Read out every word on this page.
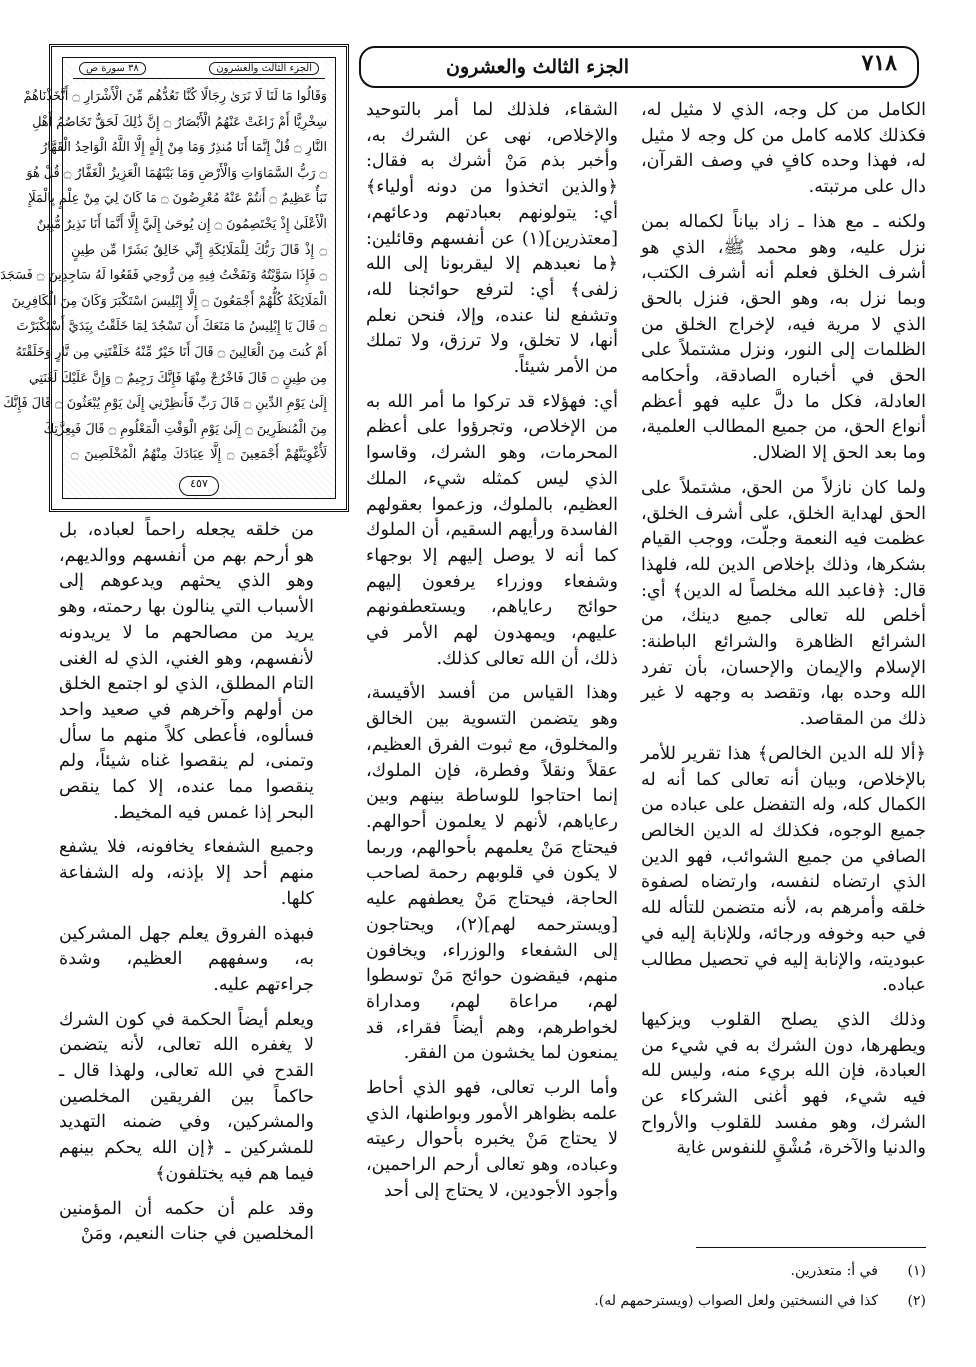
٧١٨
الجزء الثالث والعشرون
الجزء الثالث والعشرون
٣٨ سورة ص
وَقَالُوا مَا لَنَا لَا نَرَىٰ رِجَالًا كُنَّا نَعُدُّهُم مِّنَ الْأَشْرَارِ ۝ أَتَّخَذْنَاهُمْ
سِخْرِيًّا أَمْ زَاغَتْ عَنْهُمُ الْأَبْصَارُ ۝ إِنَّ ذَٰلِكَ لَحَقٌّ تَخَاصُمُ أَهْلِ
النَّارِ ۝ قُلْ إِنَّمَا أَنَا مُنذِرٌ وَمَا مِنْ إِلَٰهٍ إِلَّا اللَّهُ الْوَاحِدُ الْقَهَّارُ
۝ رَبُّ السَّمَاوَاتِ وَالْأَرْضِ وَمَا بَيْنَهُمَا الْعَزِيزُ الْغَفَّارُ ۝ قُلْ هُوَ
نَبَأٌ عَظِيمٌ ۝ أَنتُمْ عَنْهُ مُعْرِضُونَ ۝ مَا كَانَ لِيَ مِنْ عِلْمٍ بِالْمَلَإِ
الْأَعْلَىٰ إِذْ يَخْتَصِمُونَ ۝ إِن يُوحَىٰ إِلَيَّ إِلَّا أَنَّمَا أَنَا نَذِيرٌ مُّبِينٌ
۝ إِذْ قَالَ رَبُّكَ لِلْمَلَائِكَةِ إِنِّي خَالِقٌ بَشَرًا مِّن طِينٍ
۝ فَإِذَا سَوَّيْتُهُ وَنَفَخْتُ فِيهِ مِن رُّوحِي فَقَعُوا لَهُ سَاجِدِينَ ۝ فَسَجَدَ
الْمَلَائِكَةُ كُلُّهُمْ أَجْمَعُونَ ۝ إِلَّا إِبْلِيسَ اسْتَكْبَرَ وَكَانَ مِنَ الْكَافِرِينَ
۝ قَالَ يَا إِبْلِيسُ مَا مَنَعَكَ أَن تَسْجُدَ لِمَا خَلَقْتُ بِيَدَيَّ أَسْتَكْبَرْتَ
أَمْ كُنتَ مِنَ الْعَالِينَ ۝ قَالَ أَنَا خَيْرٌ مِّنْهُ خَلَقْتَنِي مِن نَّارٍ وَخَلَقْتَهُ
مِن طِينٍ ۝ قَالَ فَاخْرُجْ مِنْهَا فَإِنَّكَ رَجِيمٌ ۝ وَإِنَّ عَلَيْكَ لَعْنَتِي
إِلَىٰ يَوْمِ الدِّينِ ۝ قَالَ رَبِّ فَأَنظِرْنِي إِلَىٰ يَوْمِ يُبْعَثُونَ ۝ قَالَ فَإِنَّكَ
مِنَ الْمُنظَرِينَ ۝ إِلَىٰ يَوْمِ الْوَقْتِ الْمَعْلُومِ ۝ قَالَ فَبِعِزَّتِكَ
لَأُغْوِيَنَّهُمْ أَجْمَعِينَ ۝ إِلَّا عِبَادَكَ مِنْهُمُ الْمُخْلَصِينَ ۝
٤٥٧

الكامل من كل وجه، الذي لا مثيل له، فكذلك كلامه كامل من كل وجه لا مثيل له، فهذا وحده كافٍ في وصف القرآن، دال على مرتبته.

ولكنه ـ مع هذا ـ زاد بياناً لكماله بمن نزل عليه، وهو محمد ﷺ، الذي هو أشرف الخلق فعلم أنه أشرف الكتب، وبما نزل به، وهو الحق، فنزل بالحق الذي لا مرية فيه، لإخراج الخلق من الظلمات إلى النور، ونزل مشتملاً على الحق في أخباره الصادقة، وأحكامه العادلة، فكل ما دلَّ عليه فهو أعظم أنواع الحق، من جميع المطالب العلمية، وما بعد الحق إلا الضلال.

ولما كان نازلاً من الحق، مشتملاً على الحق لهداية الخلق، على أشرف الخلق، عظمت فيه النعمة وجلّت، ووجب القيام بشكرها، وذلك بإخلاص الدين لله، فلهذا قال: ﴿فاعبد الله مخلصاً له الدين﴾ أي: أخلص لله تعالى جميع دينك، من الشرائع الظاهرة والشرائع الباطنة: الإسلام والإيمان والإحسان، بأن تفرد الله وحده بها، وتقصد به وجهه لا غير ذلك من المقاصد.

﴿ألا لله الدين الخالص﴾ هذا تقرير للأمر بالإخلاص، وبيان أنه تعالى كما أنه له الكمال كله، وله التفضل على عباده من جميع الوجوه، فكذلك له الدين الخالص الصافي من جميع الشوائب، فهو الدين الذي ارتضاه لنفسه، وارتضاه لصفوة خلقه وأمرهم به، لأنه متضمن للتأله لله في حبه وخوفه ورجائه، وللإنابة إليه في عبوديته، والإنابة إليه في تحصيل مطالب عباده.

وذلك الذي يصلح القلوب ويزكيها ويطهرها، دون الشرك به في شيء من العبادة، فإن الله بريء منه، وليس لله فيه شيء، فهو أغنى الشركاء عن الشرك، وهو مفسد للقلوب والأرواح والدنيا والآخرة، مُشْقٍ للنفوس غاية

الشقاء، فلذلك لما أمر بالتوحيد والإخلاص، نهى عن الشرك به، وأخبر بذم مَنْ أشرك به فقال: ﴿والذين اتخذوا من دونه أولياء﴾ أي: يتولونهم بعبادتهم ودعائهم، [معتذرين](١) عن أنفسهم وقائلين: ﴿ما نعبدهم إلا ليقربونا إلى الله زلفى﴾ أي: لترفع حوائجنا لله، وتشفع لنا عنده، وإلا، فنحن نعلم أنها، لا تخلق، ولا ترزق، ولا تملك من الأمر شيئاً.

أي: فهؤلاء قد تركوا ما أمر الله به من الإخلاص، وتجرؤوا على أعظم المحرمات، وهو الشرك، وقاسوا الذي ليس كمثله شيء، الملك العظيم، بالملوك، وزعموا بعقولهم الفاسدة ورأيهم السقيم، أن الملوك كما أنه لا يوصل إليهم إلا بوجهاء وشفعاء ووزراء يرفعون إليهم حوائج رعاياهم، ويستعطفونهم عليهم، ويمهدون لهم الأمر في ذلك، أن الله تعالى كذلك.

وهذا القياس من أفسد الأقيسة، وهو يتضمن التسوية بين الخالق والمخلوق، مع ثبوت الفرق العظيم، عقلاً ونقلاً وفطرة، فإن الملوك، إنما احتاجوا للوساطة بينهم وبين رعاياهم، لأنهم لا يعلمون أحوالهم. فيحتاج مَنْ يعلمهم بأحوالهم، وربما لا يكون في قلوبهم رحمة لصاحب الحاجة، فيحتاج مَنْ يعطفهم عليه [ويسترحمه لهم](٢)، ويحتاجون إلى الشفعاء والوزراء، ويخافون منهم، فيقضون حوائج مَنْ توسطوا لهم، مراعاة لهم، ومداراة لخواطرهم، وهم أيضاً فقراء، قد يمنعون لما يخشون من الفقر.

وأما الرب تعالى، فهو الذي أحاط علمه بظواهر الأمور وبواطنها، الذي لا يحتاج مَنْ يخبره بأحوال رعيته وعباده، وهو تعالى أرحم الراحمين، وأجود الأجودين، لا يحتاج إلى أحد

من خلقه يجعله راحماً لعباده، بل هو أرحم بهم من أنفسهم ووالديهم، وهو الذي يحثهم ويدعوهم إلى الأسباب التي ينالون بها رحمته، وهو يريد من مصالحهم ما لا يريدونه لأنفسهم، وهو الغني، الذي له الغنى التام المطلق، الذي لو اجتمع الخلق من أولهم وآخرهم في صعيد واحد فسألوه، فأعطى كلاً منهم ما سأل وتمنى، لم ينقصوا غناه شيئاً، ولم ينقصوا مما عنده، إلا كما ينقص البحر إذا غمس فيه المخيط.

وجميع الشفعاء يخافونه، فلا يشفع منهم أحد إلا بإذنه، وله الشفاعة كلها.

فبهذه الفروق يعلم جهل المشركين به، وسفههم العظيم، وشدة جراءتهم عليه.

ويعلم أيضاً الحكمة في كون الشرك لا يغفره الله تعالى، لأنه يتضمن القدح في الله تعالى، ولهذا قال ـ حاكماً بين الفريقين المخلصين والمشركين، وفي ضمنه التهديد للمشركين ـ ﴿إن الله يحكم بينهم فيما هم فيه يختلفون﴾

وقد علم أن حكمه أن المؤمنين المخلصين في جنات النعيم، ومَنْ

(١)
في أ: متعذرين.
(٢)
كذا في النسختين ولعل الصواب (ويسترحمهم له).
